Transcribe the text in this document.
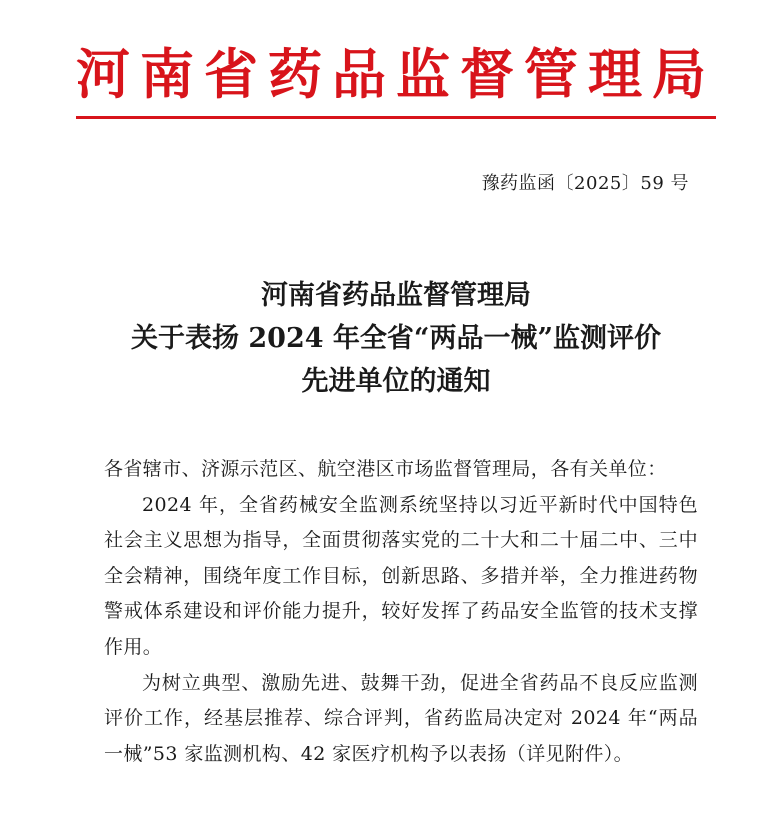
河南省药品监督管理局
豫药监函〔2025〕59 号
河南省药品监督管理局
关于表扬 2024 年全省“两品一械”监测评价
先进单位的通知

各省辖市、济源示范区、航空港区市场监督管理局，各有关单位：

2024 年，全省药械安全监测系统坚持以习近平新时代中国特色社会主义思想为指导，全面贯彻落实党的二十大和二十届二中、三中全会精神，围绕年度工作目标，创新思路、多措并举，全力推进药物警戒体系建设和评价能力提升，较好发挥了药品安全监管的技术支撑作用。

为树立典型、激励先进、鼓舞干劲，促进全省药品不良反应监测评价工作，经基层推荐、综合评判，省药监局决定对 2024 年“两品一械”53 家监测机构、42 家医疗机构予以表扬（详见附件）。
